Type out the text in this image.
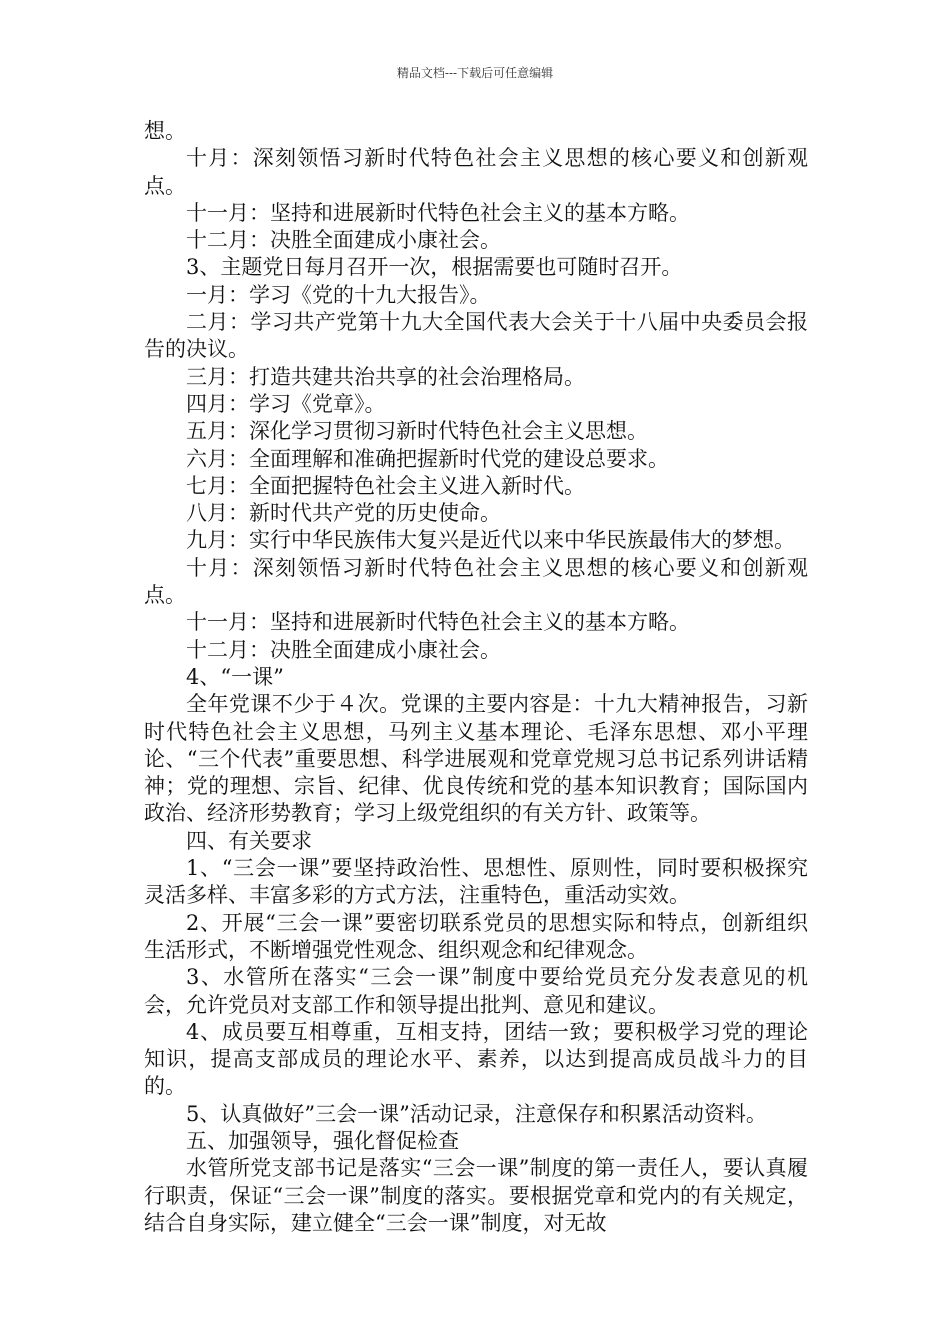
精品文档---下载后可任意编辑

想。

十月：深刻领悟习新时代特色社会主义思想的核心要义和创新观点。

十一月：坚持和进展新时代特色社会主义的基本方略。

十二月：决胜全面建成小康社会。

3、主题党日每月召开一次，根据需要也可随时召开。

一月：学习《党的十九大报告》。

二月：学习共产党第十九大全国代表大会关于十八届中央委员会报告的决议。

三月：打造共建共治共享的社会治理格局。

四月：学习《党章》。

五月：深化学习贯彻习新时代特色社会主义思想。

六月：全面理解和准确把握新时代党的建设总要求。

七月：全面把握特色社会主义进入新时代。

八月：新时代共产党的历史使命。

九月：实行中华民族伟大复兴是近代以来中华民族最伟大的梦想。

十月：深刻领悟习新时代特色社会主义思想的核心要义和创新观点。

十一月：坚持和进展新时代特色社会主义的基本方略。

十二月：决胜全面建成小康社会。

4、“一课”

全年党课不少于４次。党课的主要内容是：十九大精神报告，习新时代特色社会主义思想，马列主义基本理论、毛泽东思想、邓小平理论、“三个代表”重要思想、科学进展观和党章党规习总书记系列讲话精神；党的理想、宗旨、纪律、优良传统和党的基本知识教育；国际国内政治、经济形势教育；学习上级党组织的有关方针、政策等。

四、有关要求

1、“三会一课”要坚持政治性、思想性、原则性，同时要积极探究灵活多样、丰富多彩的方式方法，注重特色，重活动实效。

2、开展“三会一课”要密切联系党员的思想实际和特点，创新组织生活形式，不断增强党性观念、组织观念和纪律观念。

3、水管所在落实“三会一课”制度中要给党员充分发表意见的机会，允许党员对支部工作和领导提出批判、意见和建议。

4、成员要互相尊重，互相支持，团结一致；要积极学习党的理论知识，提高支部成员的理论水平、素养，以达到提高成员战斗力的目的。

5、认真做好”三会一课”活动记录，注意保存和积累活动资料。

五、加强领导，强化督促检查

水管所党支部书记是落实“三会一课”制度的第一责任人，要认真履行职责，保证“三会一课”制度的落实。要根据党章和党内的有关规定，结合自身实际，建立健全“三会一课”制度，对无故
